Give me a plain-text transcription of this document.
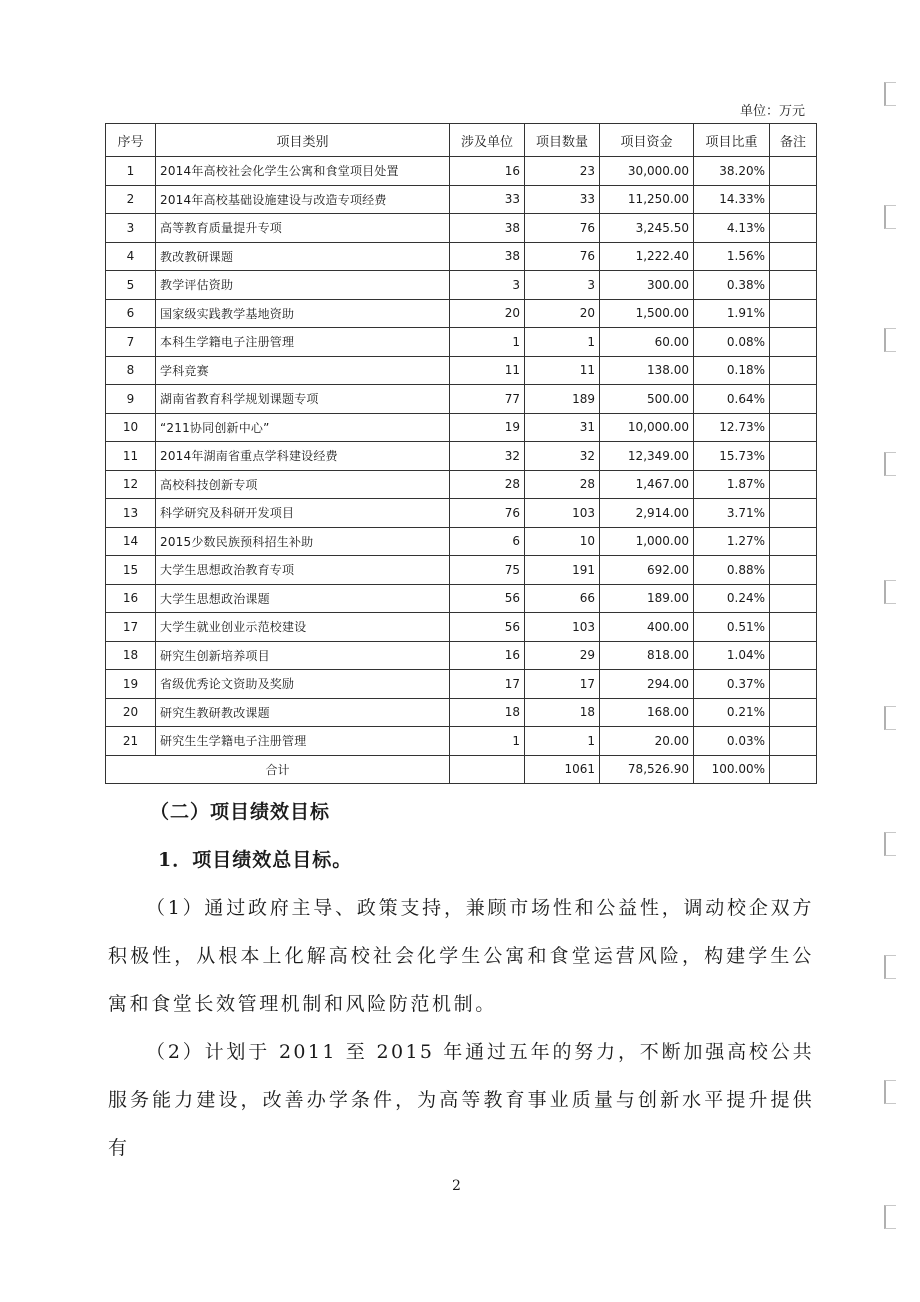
单位：万元
序号	项目类别	涉及单位	项目数量	项目资金	项目比重	备注
1	2014年高校社会化学生公寓和食堂项目处置	16	23	30,000.00	38.20%	
2	2014年高校基础设施建设与改造专项经费	33	33	11,250.00	14.33%	
3	高等教育质量提升专项	38	76	3,245.50	4.13%	
4	教改教研课题	38	76	1,222.40	1.56%	
5	教学评估资助	3	3	300.00	0.38%	
6	国家级实践教学基地资助	20	20	1,500.00	1.91%	
7	本科生学籍电子注册管理	1	1	60.00	0.08%	
8	学科竞赛	11	11	138.00	0.18%	
9	湖南省教育科学规划课题专项	77	189	500.00	0.64%	
10	“211协同创新中心”	19	31	10,000.00	12.73%	
11	2014年湖南省重点学科建设经费	32	32	12,349.00	15.73%	
12	高校科技创新专项	28	28	1,467.00	1.87%	
13	科学研究及科研开发项目	76	103	2,914.00	3.71%	
14	2015少数民族预科招生补助	6	10	1,000.00	1.27%	
15	大学生思想政治教育专项	75	191	692.00	0.88%	
16	大学生思想政治课题	56	66	189.00	0.24%	
17	大学生就业创业示范校建设	56	103	400.00	0.51%	
18	研究生创新培养项目	16	29	818.00	1.04%	
19	省级优秀论文资助及奖励	17	17	294.00	0.37%	
20	研究生教研教改课题	18	18	168.00	0.21%	
21	研究生生学籍电子注册管理	1	1	20.00	0.03%	
合计			1061	78,526.90	100.00%	
（二）项目绩效目标
1．项目绩效总目标。
（1）通过政府主导、政策支持，兼顾市场性和公益性，调动校企双方积极性，从根本上化解高校社会化学生公寓和食堂运营风险，构建学生公寓和食堂长效管理机制和风险防范机制。
（2）计划于 2011 至 2015 年通过五年的努力，不断加强高校公共服务能力建设，改善办学条件，为高等教育事业质量与创新水平提升提供有
2
